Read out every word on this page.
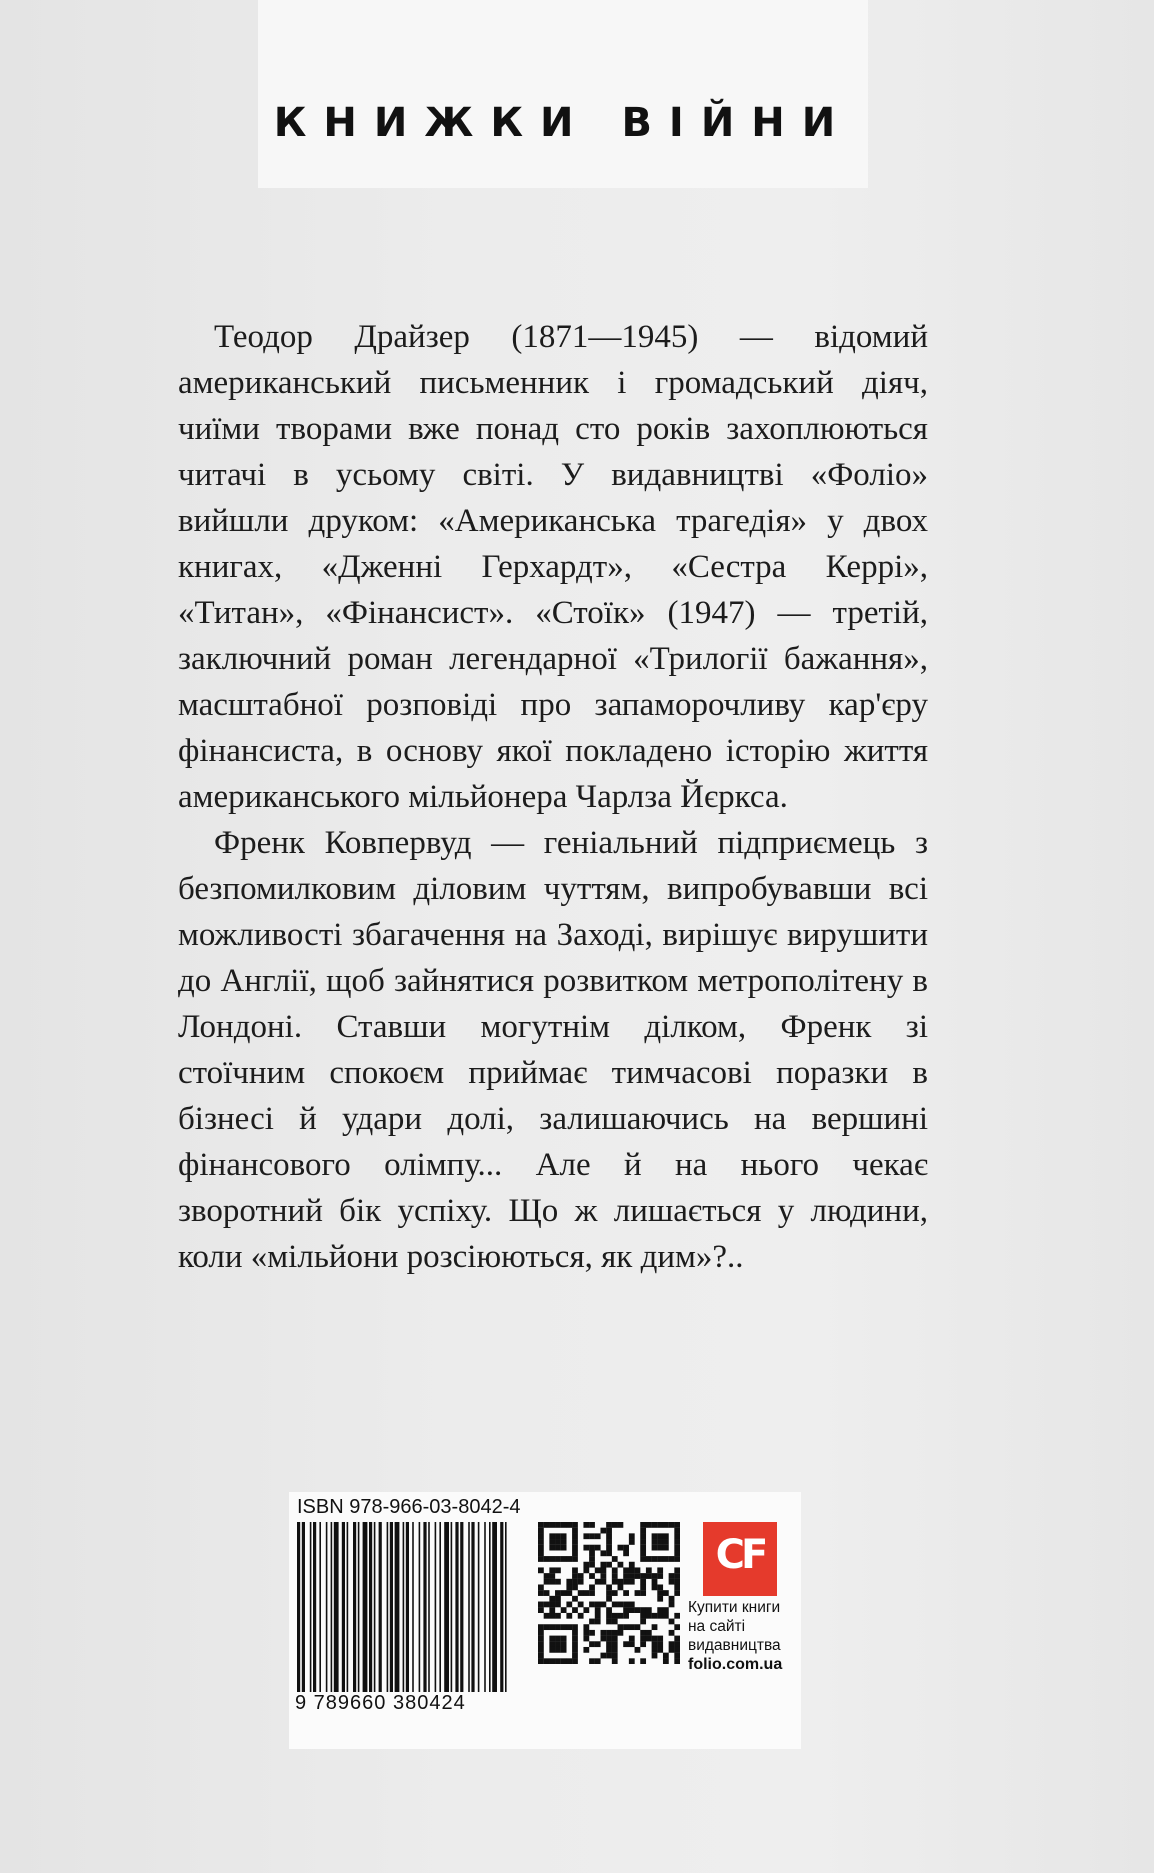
КНИЖКИ ВІЙНИ

Теодор Драйзер (1871—1945) — відомий американський письменник і громадський діяч, чиїми творами вже понад сто років захоплюються читачі в усьому світі. У видавництві «Фоліо» вийшли друком: «Американська трагедія» у двох книгах, «Дженні Герхардт», «Сестра Керрі», «Титан», «Фінансист». «Стоїк» (1947) — третій, заключний роман легендарної «Трилогії бажання», масштабної розповіді про запаморочливу кар'єру фінансиста, в основу якої покладено історію життя американського мільйонера Чарлза Йєркса.

Френк Ковпервуд — геніальний підприємець з безпомилковим діловим чуттям, випробувавши всі можливості збагачення на Заході, вирішує вирушити до Англії, щоб зайнятися розвитком метрополітену в Лондоні. Ставши могутнім ділком, Френк зі стоїчним спокоєм приймає тимчасові поразки в бізнесі й удари долі, залишаючись на вершині фінансового олімпу... Але й на нього чекає зворотний бік успіху. Що ж лишається у людини, коли «мільйони розсіюються, як дим»?..

ISBN 978-966-03-8042-4
9 789660 380424
CF
Купити книги
на сайті
видавництва
folio.com.ua
